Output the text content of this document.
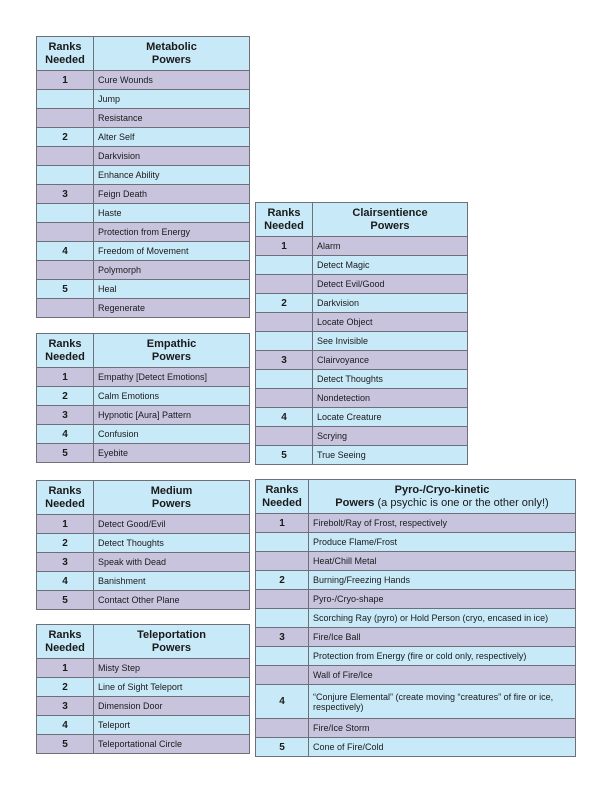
Ranks
Needed	Metabolic
Powers
1	Cure Wounds
	Jump
	Resistance
2	Alter Self
	Darkvision
	Enhance Ability
3	Feign Death
	Haste
	Protection from Energy
4	Freedom of Movement
	Polymorph
5	Heal
	Regenerate
Ranks
Needed	Empathic
Powers
1	Empathy [Detect Emotions]
2	Calm Emotions
3	Hypnotic [Aura] Pattern
4	Confusion
5	Eyebite
Ranks
Needed	Clairsentience
Powers
1	Alarm
	Detect Magic
	Detect Evil/Good
2	Darkvision
	Locate Object
	See Invisible
3	Clairvoyance
	Detect Thoughts
	Nondetection
4	Locate Creature
	Scrying
5	True Seeing
Ranks
Needed	Medium
Powers
1	Detect Good/Evil
2	Detect Thoughts
3	Speak with Dead
4	Banishment
5	Contact Other Plane
Ranks
Needed	Teleportation
Powers
1	Misty Step
2	Line of Sight Teleport
3	Dimension Door
4	Teleport
5	Teleportational Circle
Ranks
Needed	Pyro-/Cryo-kinetic
Powers (a psychic is one or the other only!)
1	Firebolt/Ray of Frost, respectively
	Produce Flame/Frost
	Heat/Chill Metal
2	Burning/Freezing Hands
	Pyro-/Cryo-shape
	Scorching Ray (pyro) or Hold Person (cryo, encased in ice)
3	Fire/Ice Ball
	Protection from Energy (fire or cold only, respectively)
	Wall of Fire/Ice
4	“Conjure Elemental” (create moving “creatures” of fire or ice, respectively)
	Fire/Ice Storm
5	Cone of Fire/Cold
